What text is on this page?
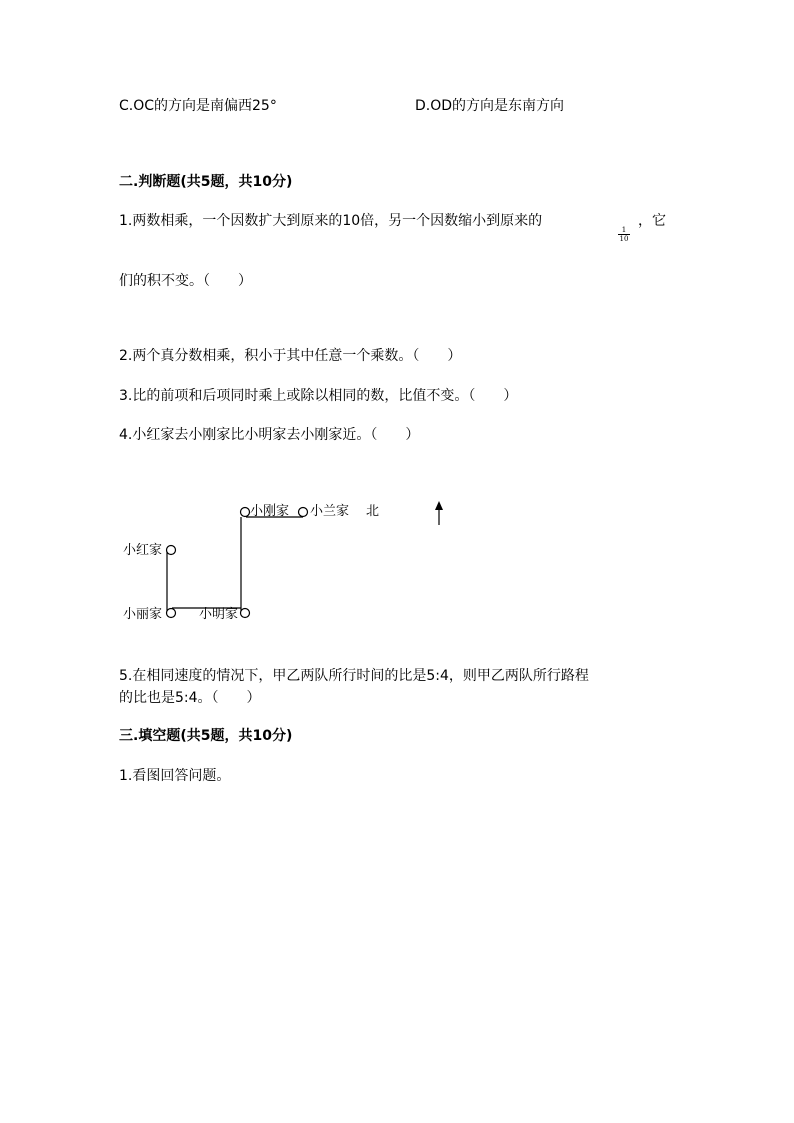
C.OC的方向是南偏西25°	D.OD的方向是东南方向
二.判断题(共5题，共10分)
1.两数相乘，一个因数扩大到原来的10倍，另一个因数缩小到原来的
$\frac{1}{10}$
，它
们的积不变。（　　）
2.两个真分数相乘，积小于其中任意一个乘数。（　　）
3.比的前项和后项同时乘上或除以相同的数，比值不变。（　　）
4.小红家去小刚家比小明家去小刚家近。（　　）
小刚家 小兰家 北
小红家
小丽家	小明家
5.在相同速度的情况下，甲乙两队所行时间的比是5:4，则甲乙两队所行路程
的比也是5:4。（　　）
三.填空题(共5题，共10分)
1.看图回答问题。
